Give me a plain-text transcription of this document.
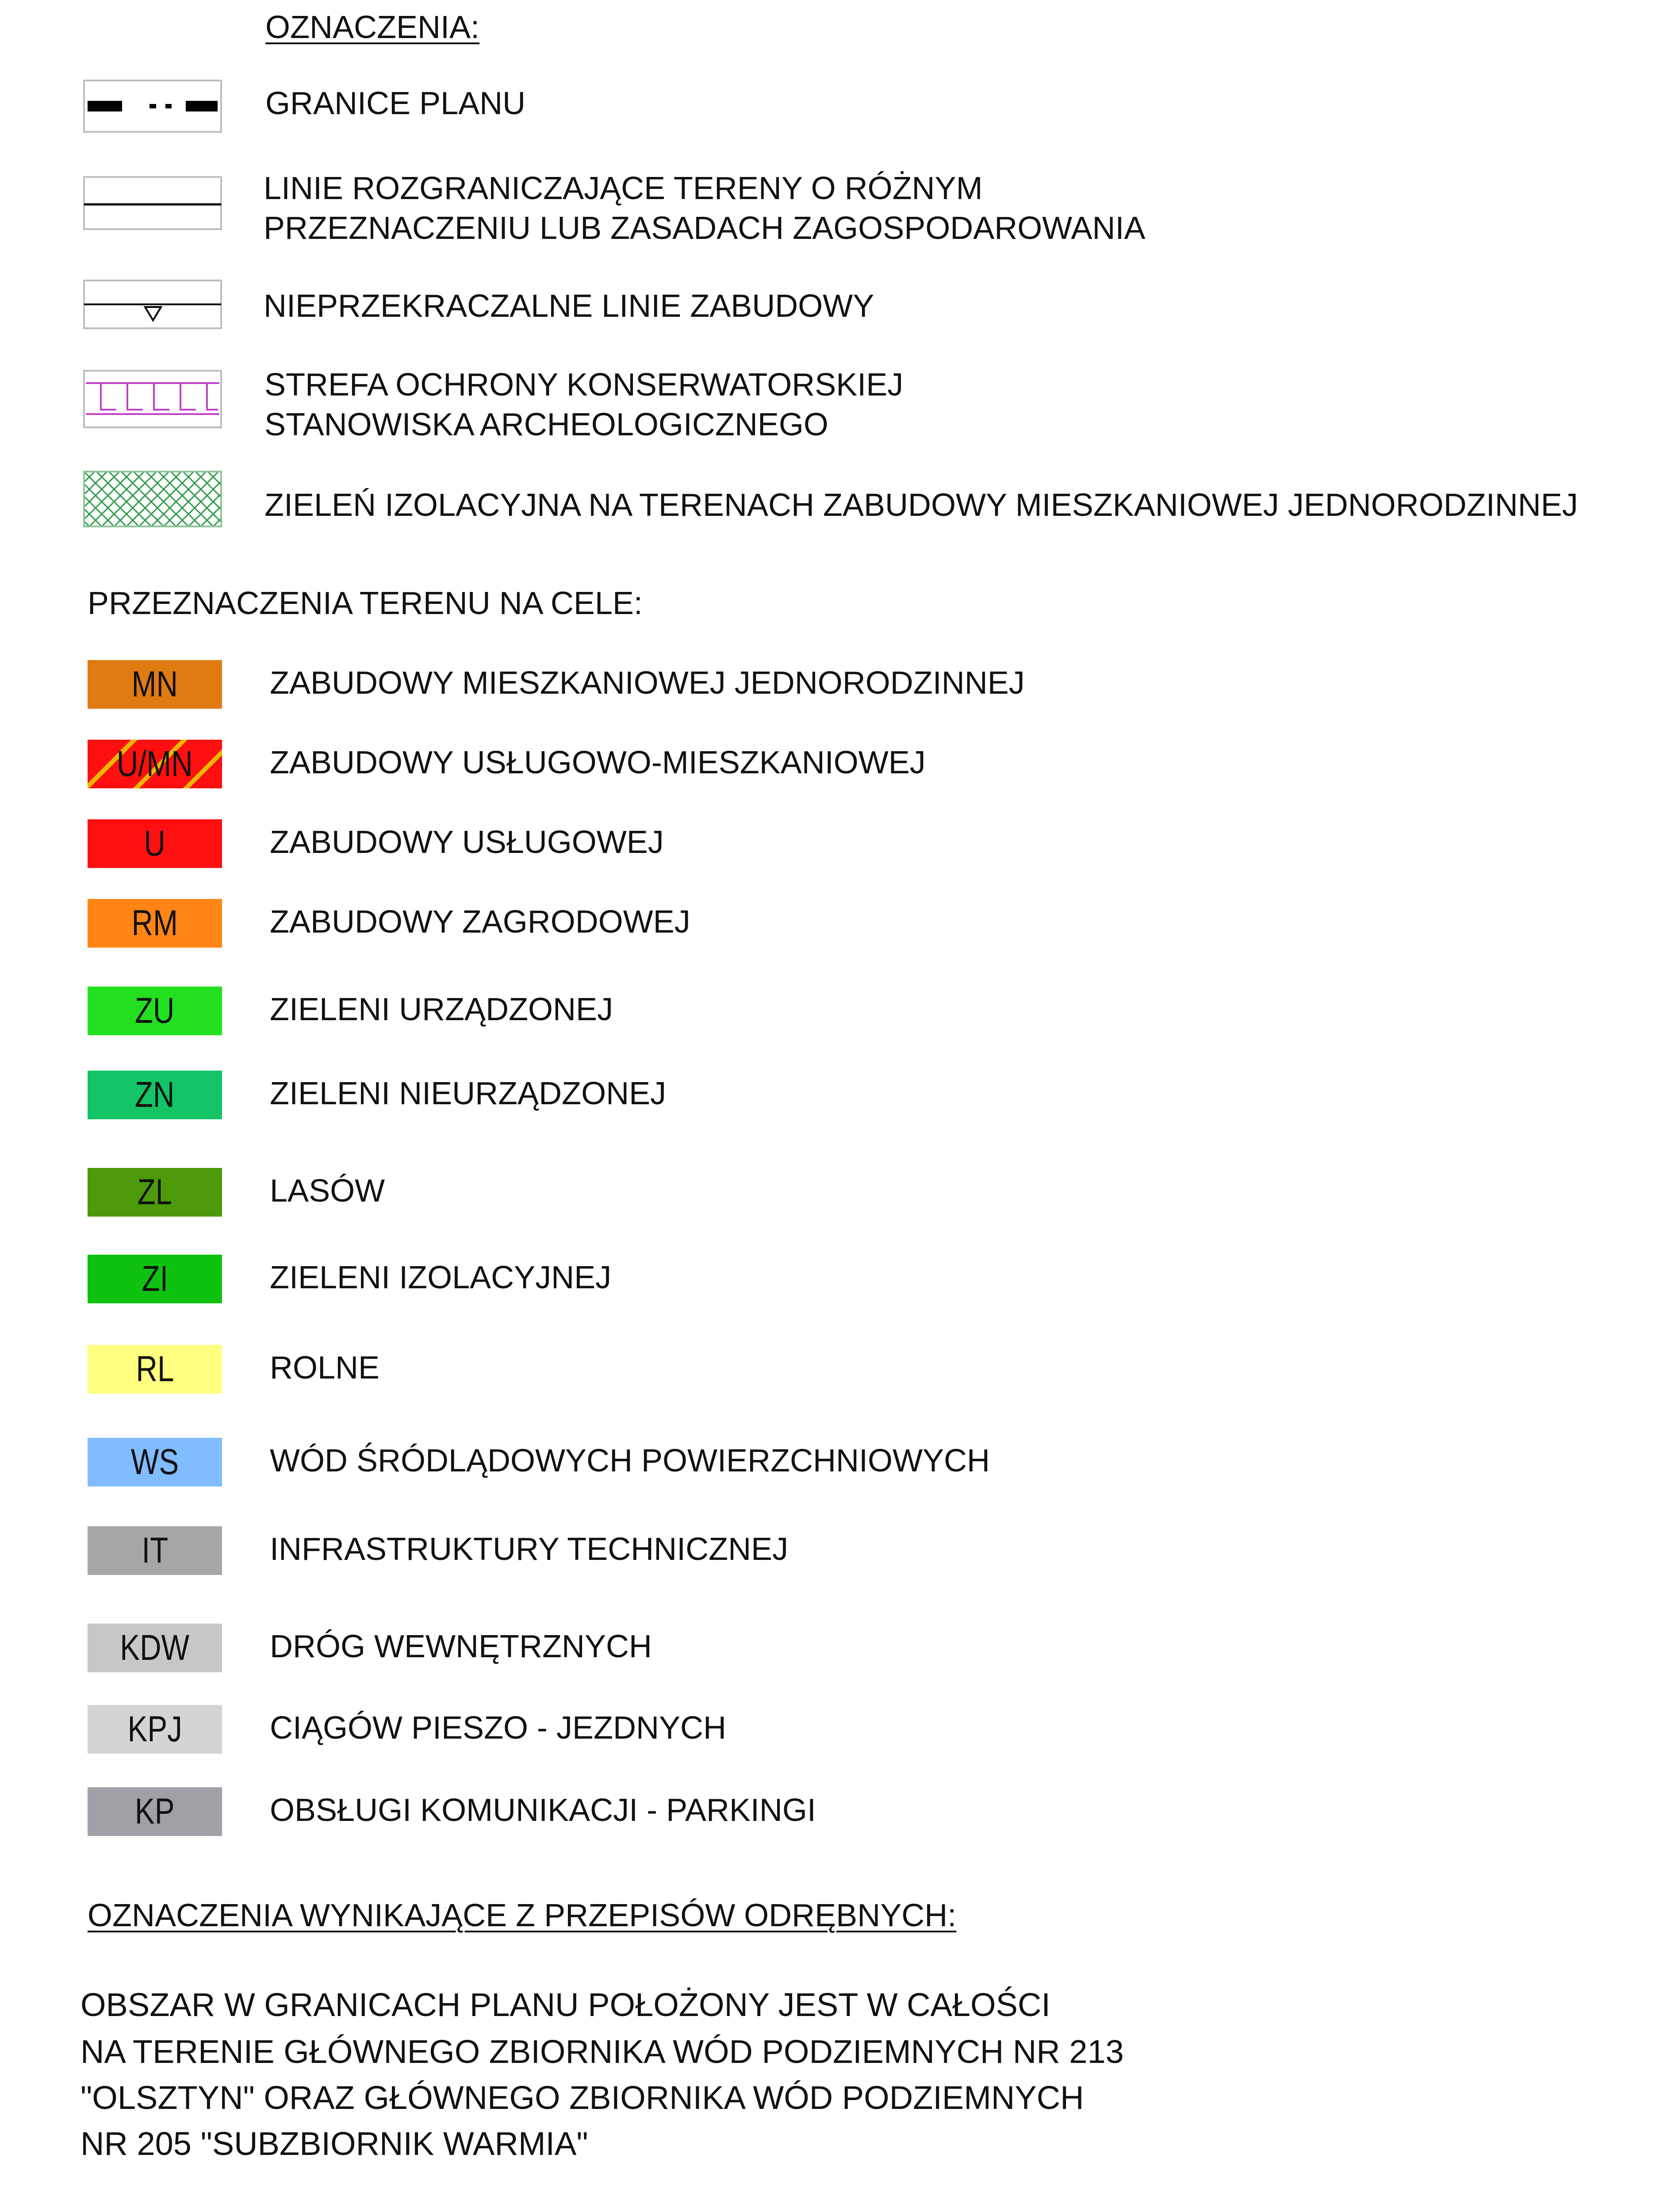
OZNACZENIA:
GRANICE PLANU
LINIE ROZGRANICZAJĄCE TERENY O RÓŻNYM
PRZEZNACZENIU LUB ZASADACH ZAGOSPODAROWANIA
NIEPRZEKRACZALNE LINIE ZABUDOWY
STREFA OCHRONY KONSERWATORSKIEJ
STANOWISKA ARCHEOLOGICZNEGO
ZIELEŃ IZOLACYJNA NA TERENACH ZABUDOWY MIESZKANIOWEJ JEDNORODZINNEJ
PRZEZNACZENIA TERENU NA CELE:
MN	ZABUDOWY MIESZKANIOWEJ JEDNORODZINNEJ
U/MN ZABUDOWY USŁUGOWO-MIESZKANIOWEJ
U	ZABUDOWY USŁUGOWEJ
RM	ZABUDOWY ZAGRODOWEJ
ZU	ZIELENI URZĄDZONEJ
ZN	ZIELENI NIEURZĄDZONEJ
ZL	LASÓW
ZI	ZIELENI IZOLACYJNEJ
RL	ROLNE
WS	WÓD ŚRÓDLĄDOWYCH POWIERZCHNIOWYCH
IT	INFRASTRUKTURY TECHNICZNEJ
KDW	DRÓG WEWNĘTRZNYCH
KPJ	CIĄGÓW PIESZO - JEZDNYCH
KP	OBSŁUGI KOMUNIKACJI - PARKINGI
OZNACZENIA WYNIKAJĄCE Z PRZEPISÓW ODRĘBNYCH:
OBSZAR W GRANICACH PLANU POŁOŻONY JEST W CAŁOŚCI
NA TERENIE GŁÓWNEGO ZBIORNIKA WÓD PODZIEMNYCH NR 213
"OLSZTYN" ORAZ GŁÓWNEGO ZBIORNIKA WÓD PODZIEMNYCH
NR 205 "SUBZBIORNIK WARMIA"
